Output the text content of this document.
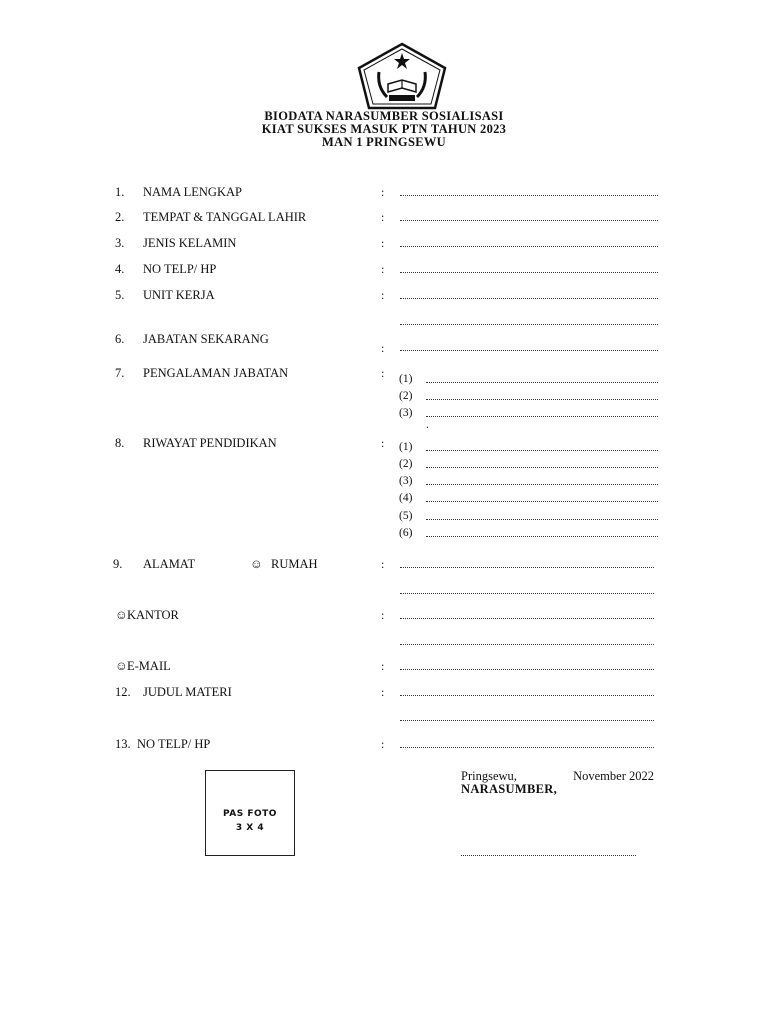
BIODATA NARASUMBER SOSIALISASI
KIAT SUKSES MASUK PTN TAHUN 2023
MAN 1 PRINGSEWU
1. NAMA LENGKAP	:
2. TEMPAT & TANGGAL LAHIR	:
3. JENIS KELAMIN	:
4. NO TELP/ HP	:
5. UNIT KERJA	:
6. JABATAN SEKARANG
:
7. PENGALAMAN JABATAN	: (1)
(2)
(3)
.
8. RIWAYAT PENDIDIKAN	: (1)
(2)
(3)
(4)
(5)
(6)
9. ALAMAT	☺ RUMAH	:
☺ KANTOR	:
☺ E-MAIL	:
12. JUDUL MATERI	:
13. NO TELP/ HP	:
PAS FOTO
3 X 4
Pringsewu,	November 2022
NARASUMBER,
